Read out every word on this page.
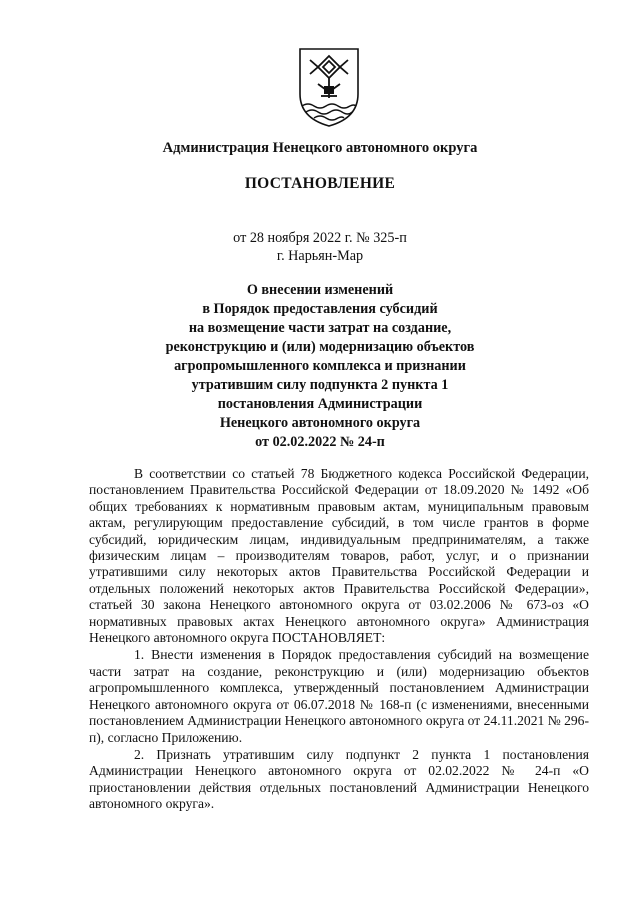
Администрация Ненецкого автономного округа
ПОСТАНОВЛЕНИЕ
от 28 ноября 2022 г. № 325-п
г. Нарьян-Мар
О внесении изменений
в Порядок предоставления субсидий
на возмещение части затрат на создание,
реконструкцию и (или) модернизацию объектов
агропромышленного комплекса и признании
утратившим силу подпункта 2 пункта 1
постановления Администрации
Ненецкого автономного округа
от 02.02.2022 № 24-п

В соответствии со статьей 78 Бюджетного кодекса Российской Федерации, постановлением Правительства Российской Федерации от 18.09.2020 № 1492 «Об общих требованиях к нормативным правовым актам, муниципальным правовым актам, регулирующим предоставление субсидий, в том числе грантов в форме субсидий, юридическим лицам, индивидуальным предпринимателям, а также физическим лицам – производителям товаров, работ, услуг, и о признании утратившими силу некоторых актов Правительства Российской Федерации и отдельных положений некоторых актов Правительства Российской Федерации», статьей 30 закона Ненецкого автономного округа от 03.02.2006 № 673-оз «О нормативных правовых актах Ненецкого автономного округа» Администрация Ненецкого автономного округа ПОСТАНОВЛЯЕТ:

1. Внести изменения в Порядок предоставления субсидий на возмещение части затрат на создание, реконструкцию и (или) модернизацию объектов агропромышленного комплекса, утвержденный постановлением Администрации Ненецкого автономного округа от 06.07.2018 № 168-п (с изменениями, внесенными постановлением Администрации Ненецкого автономного округа от 24.11.2021 № 296-п), согласно Приложению.

2. Признать утратившим силу подпункт 2 пункта 1 постановления Администрации Ненецкого автономного округа от 02.02.2022 № 24-п «О приостановлении действия отдельных постановлений Администрации Ненецкого автономного округа».
